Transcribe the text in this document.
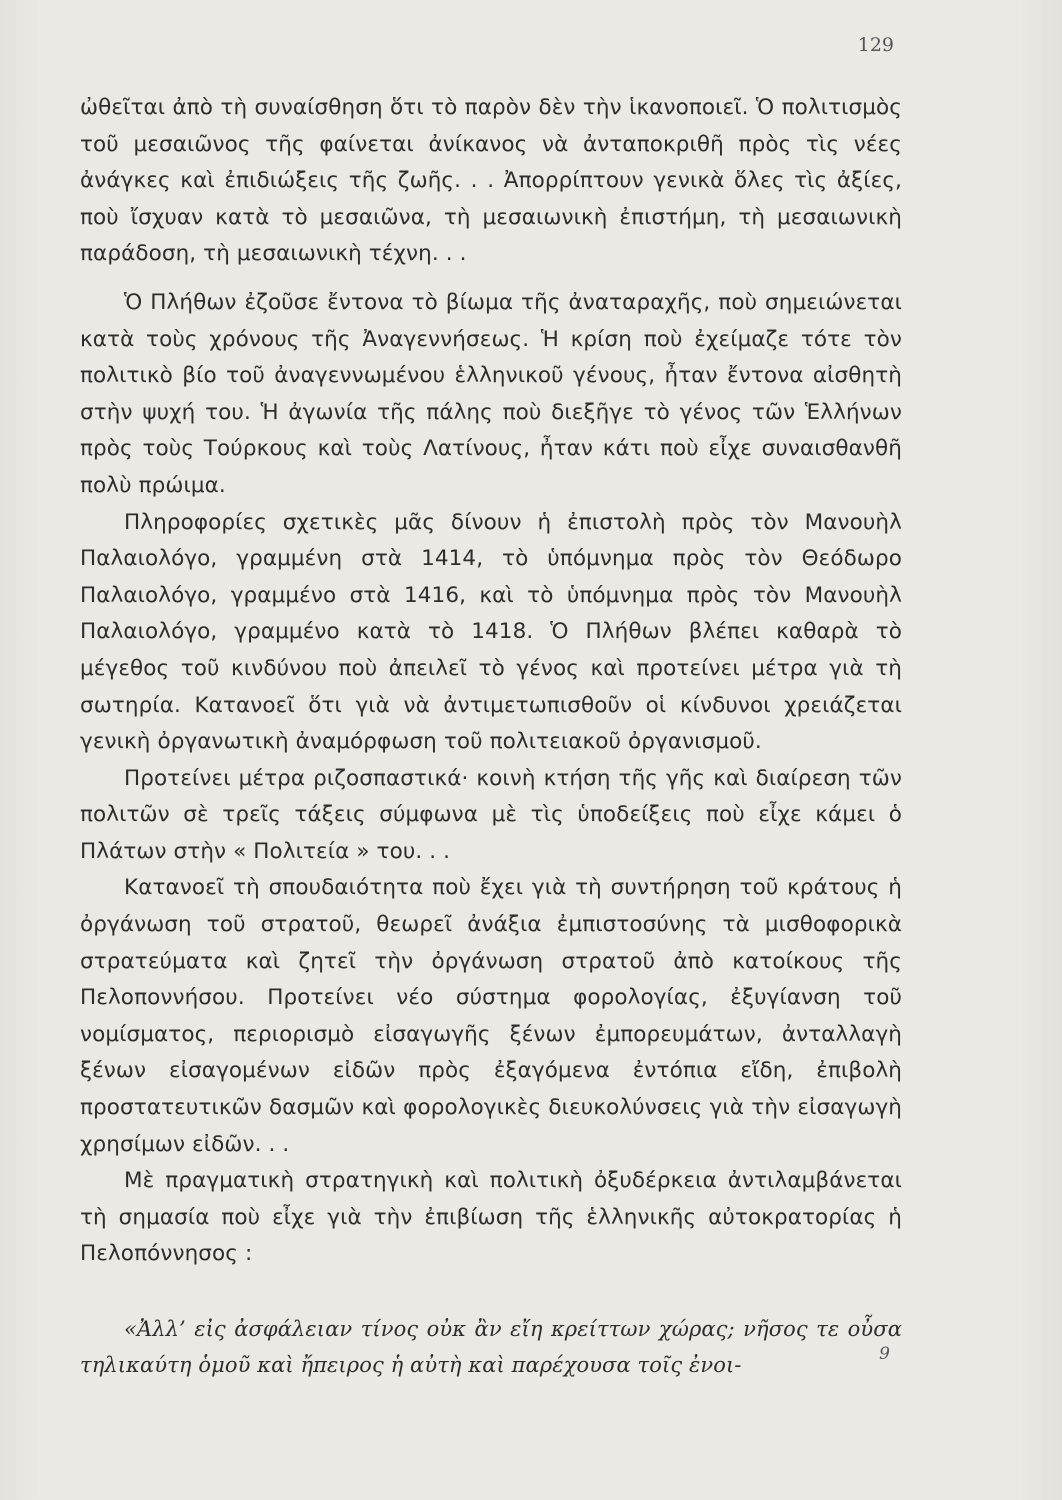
129

ὠθεῖται ἀπὸ τὴ συναίσθηση ὅτι τὸ παρὸν δὲν τὴν ἱκανοποιεῖ. Ὁ πολιτισμὸς τοῦ μεσαιῶνος τῆς φαίνεται ἀνίκανος νὰ ἀνταποκριθῆ πρὸς τὶς νέες ἀνάγκες καὶ ἐπιδιώξεις τῆς ζωῆς. . . Ἀπορρίπτουν γενικὰ ὅλες τὶς ἀξίες, ποὺ ἴσχυαν κατὰ τὸ μεσαιῶνα, τὴ μεσαιωνικὴ ἐπιστήμη, τὴ μεσαιωνικὴ παράδοση, τὴ μεσαιωνικὴ τέχνη. . .

Ὁ Πλήθων ἐζοῦσε ἔντονα τὸ βίωμα τῆς ἀναταραχῆς, ποὺ σημειώνεται κατὰ τοὺς χρόνους τῆς Ἀναγεννήσεως. Ἡ κρίση ποὺ ἐχείμαζε τότε τὸν πολιτικὸ βίο τοῦ ἀναγεννωμένου ἑλληνικοῦ γένους, ἦταν ἔντονα αἰσθητὴ στὴν ψυχή του. Ἡ ἀγωνία τῆς πάλης ποὺ διεξῆγε τὸ γένος τῶν Ἑλλήνων πρὸς τοὺς Τούρκους καὶ τοὺς Λατίνους, ἦταν κάτι ποὺ εἶχε συναισθανθῆ πολὺ πρώιμα.

Πληροφορίες σχετικὲς μᾶς δίνουν ἡ ἐπιστολὴ πρὸς τὸν Μανουὴλ Παλαιολόγο, γραμμένη στὰ 1414, τὸ ὑπόμνημα πρὸς τὸν Θεόδωρο Παλαιολόγο, γραμμένο στὰ 1416, καὶ τὸ ὑπόμνημα πρὸς τὸν Μανουὴλ Παλαιολόγο, γραμμένο κατὰ τὸ 1418. Ὁ Πλήθων βλέπει καθαρὰ τὸ μέγεθος τοῦ κινδύνου ποὺ ἀπειλεῖ τὸ γένος καὶ προτείνει μέτρα γιὰ τὴ σωτηρία. Κατανοεῖ ὅτι γιὰ νὰ ἀντιμετωπισθοῦν οἱ κίνδυνοι χρειάζεται γενικὴ ὀργανωτικὴ ἀναμόρφωση τοῦ πολιτειακοῦ ὀργανισμοῦ.

Προτείνει μέτρα ριζοσπαστικά· κοινὴ κτήση τῆς γῆς καὶ διαίρεση τῶν πολιτῶν σὲ τρεῖς τάξεις σύμφωνα μὲ τὶς ὑποδείξεις ποὺ εἶχε κάμει ὁ Πλάτων στὴν « Πολιτεία » του. . .

Κατανοεῖ τὴ σπουδαιότητα ποὺ ἔχει γιὰ τὴ συντήρηση τοῦ κράτους ἡ ὀργάνωση τοῦ στρατοῦ, θεωρεῖ ἀνάξια ἐμπιστοσύνης τὰ μισθοφορικὰ στρατεύματα καὶ ζητεῖ τὴν ὀργάνωση στρατοῦ ἀπὸ κατοίκους τῆς Πελοποννήσου. Προτείνει νέο σύστημα φορολογίας, ἐξυγίανση τοῦ νομίσματος, περιορισμὸ εἰσαγωγῆς ξένων ἐμπορευμάτων, ἀνταλλαγὴ ξένων εἰσαγομένων εἰδῶν πρὸς ἐξαγόμενα ἐντόπια εἴδη, ἐπιβολὴ προστατευτικῶν δασμῶν καὶ φορολογικὲς διευκολύνσεις γιὰ τὴν εἰσαγωγὴ χρησίμων εἰδῶν. . .

Μὲ πραγματικὴ στρατηγικὴ καὶ πολιτικὴ ὀξυδέρκεια ἀντιλαμβάνεται τὴ σημασία ποὺ εἶχε γιὰ τὴν ἐπιβίωση τῆς ἑλληνικῆς αὐτοκρατορίας ἡ Πελοπόννησος :

«Ἀλλ’ εἰς ἀσφάλειαν τίνος οὐκ ἂν εἴη κρείττων χώρας; νῆσος τε οὖσα τηλικαύτη ὁμοῦ καὶ ἤπειρος ἡ αὐτὴ καὶ παρέχουσα τοῖς ἐνοι-	9
